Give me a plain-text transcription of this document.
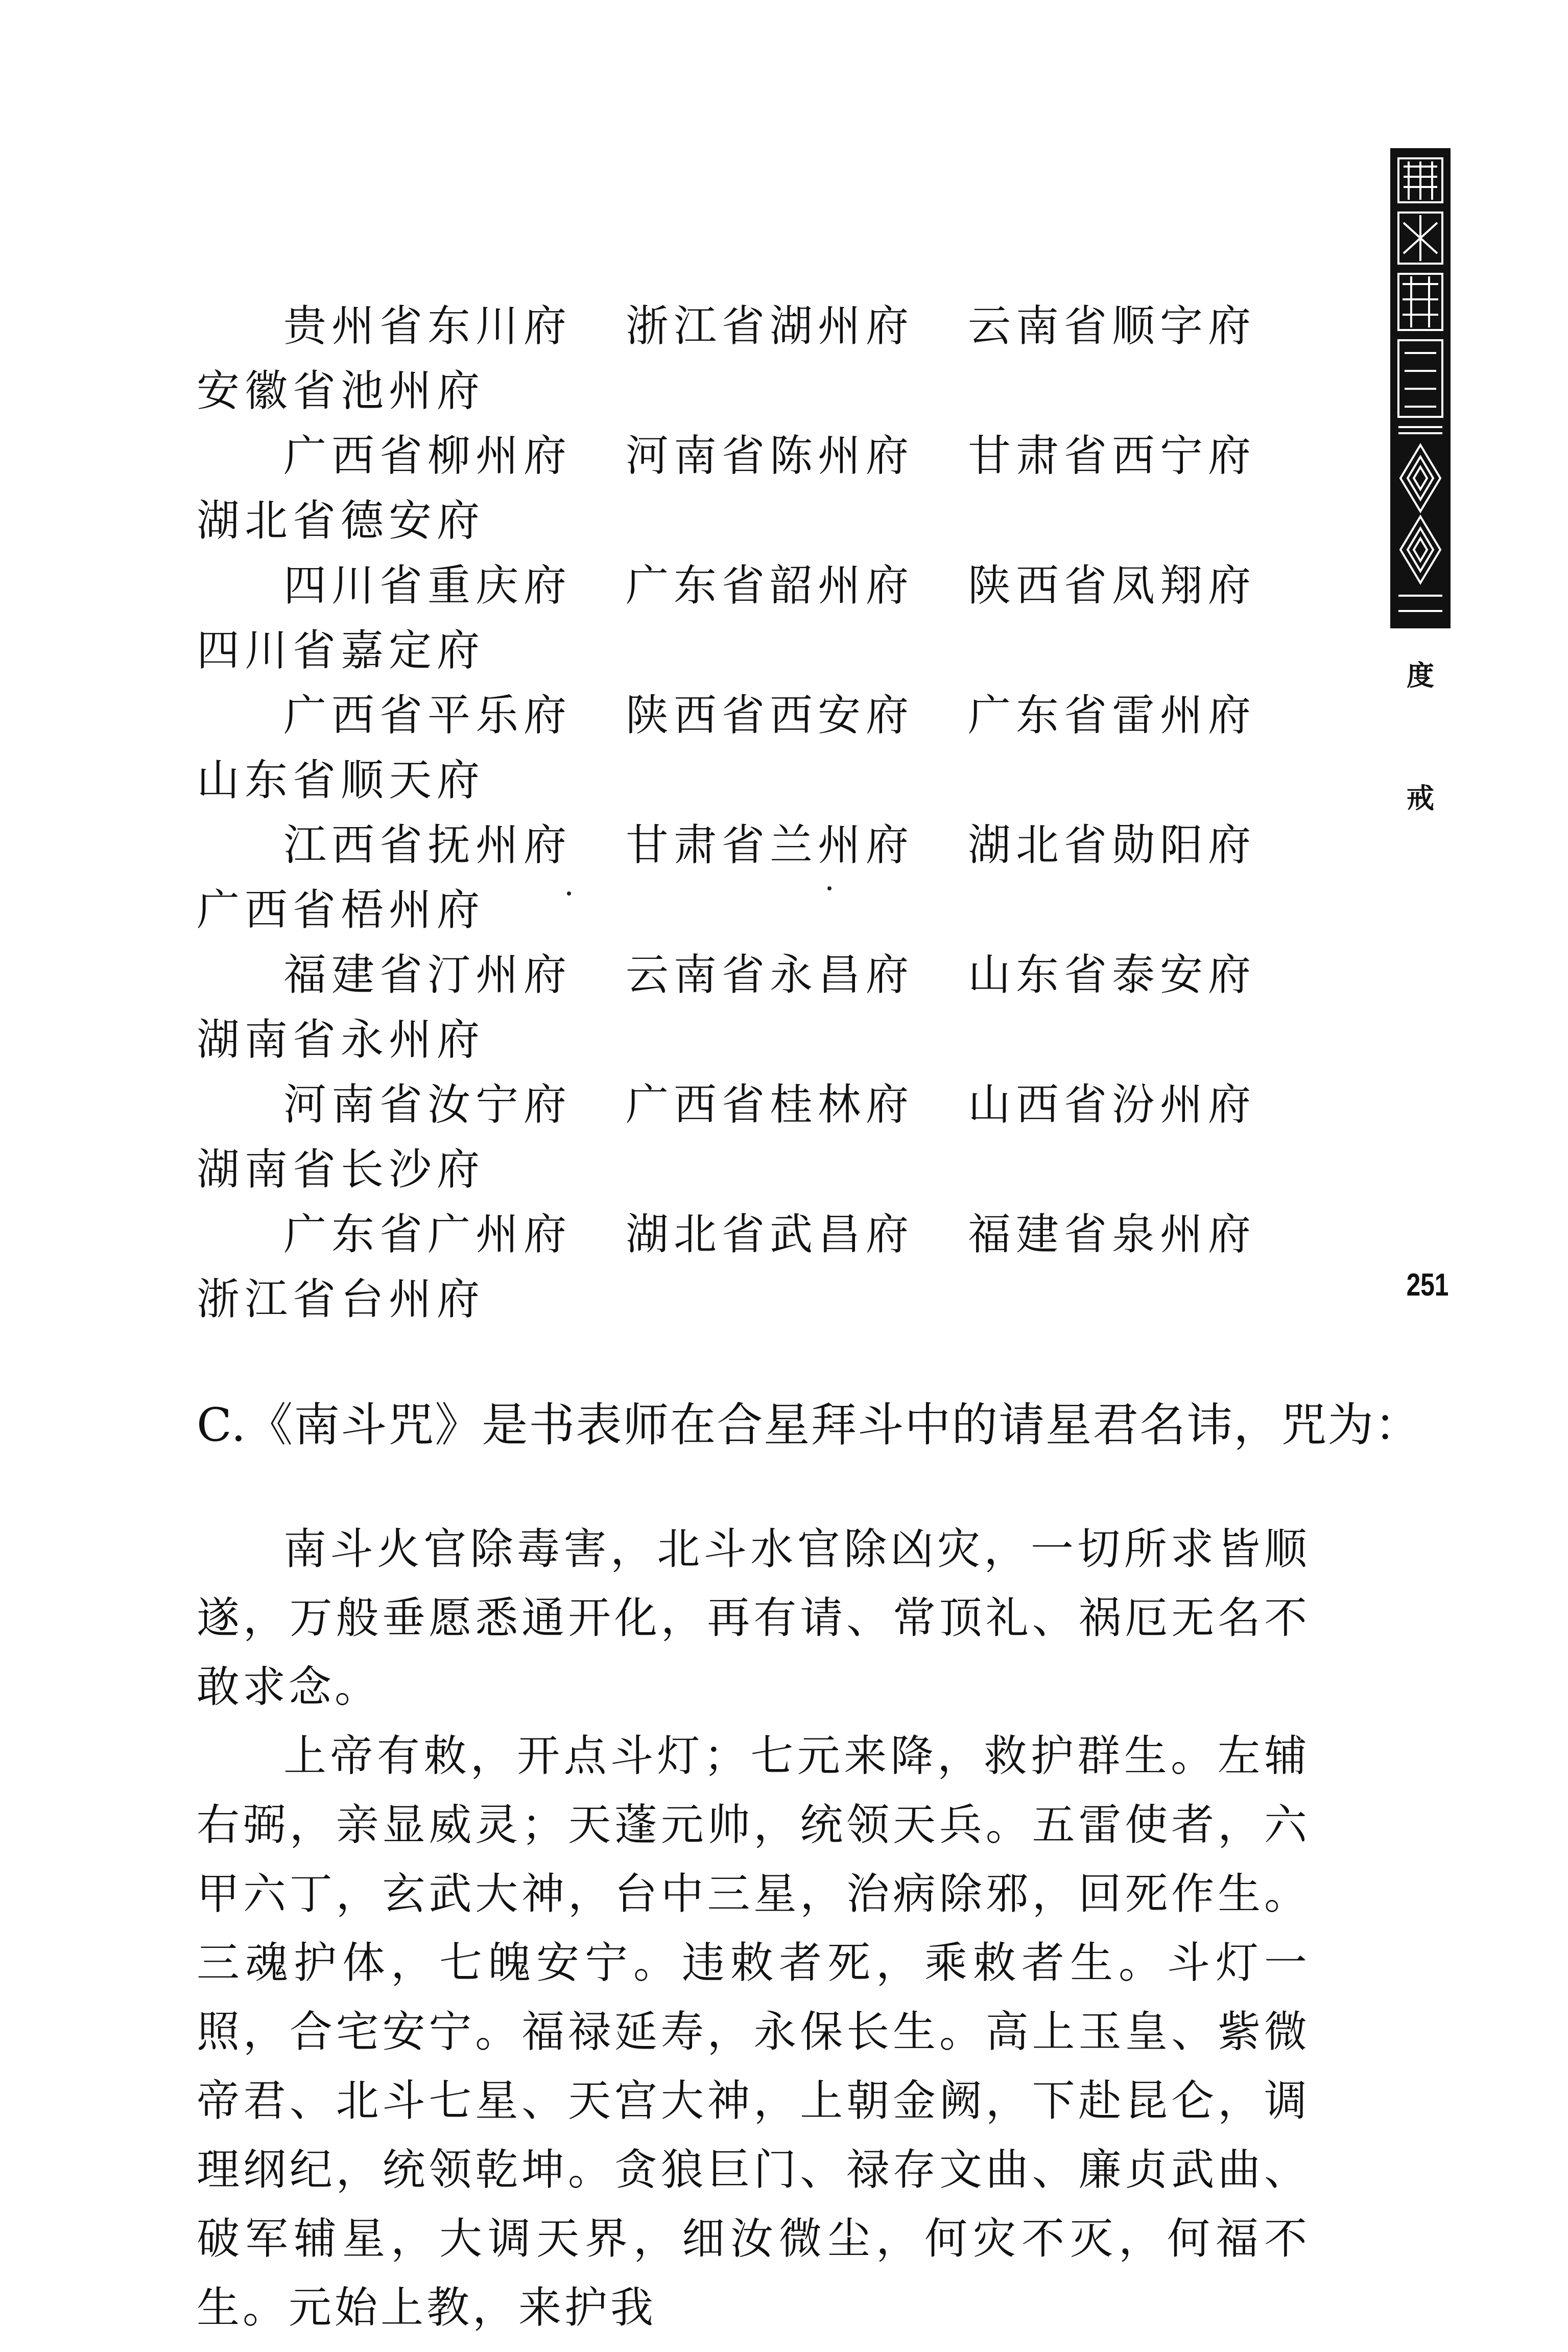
贵州省东川府 浙江省湖州府 云南省顺字府
安徽省池州府
广西省柳州府 河南省陈州府 甘肃省西宁府
湖北省德安府
四川省重庆府 广东省韶州府 陕西省凤翔府
四川省嘉定府
广西省平乐府 陕西省西安府 广东省雷州府
山东省顺天府
江西省抚州府 甘肃省兰州府 湖北省勋阳府
广西省梧州府
福建省汀州府 云南省永昌府 山东省泰安府
湖南省永州府
河南省汝宁府 广西省桂林府 山西省汾州府
湖南省长沙府
广东省广州府 湖北省武昌府 福建省泉州府
浙江省台州府
度
戒
251
C.《南斗咒》是书表师在合星拜斗中的请星君名讳，咒为：

南斗火官除毒害，北斗水官除凶灾，一切所求皆顺遂，万般垂愿悉通开化，再有请、常顶礼、祸厄无名不敢求念。

上帝有敕，开点斗灯；七元来降，救护群生。左辅右弼，亲显威灵；天蓬元帅，统领天兵。五雷使者，六甲六丁，玄武大神，台中三星，治病除邪，回死作生。三魂护体，七魄安宁。违敕者死，乘敕者生。斗灯一照，合宅安宁。福禄延寿，永保长生。高上玉皇、紫微帝君、北斗七星、天宫大神，上朝金阙，下赴昆仑，调理纲纪，统领乾坤。贪狼巨门、禄存文曲、廉贞武曲、破军辅星，大调天界，细汝微尘，何灾不灭，何福不生。元始上教，来护我
